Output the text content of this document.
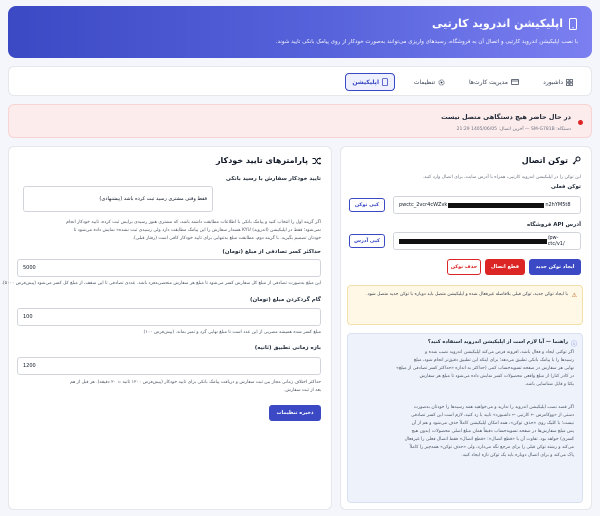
اپلیکیشن اندروید کارتیی
با نصب اپلیکیشن اندروید کارتیی و اتصال آن به فروشگاه، رسیدهای واریزی می‌توانند به‌صورت خودکار از روی پیامک بانکی تایید شوند.
داشبورد
مدیریت کارت‌ها
تنظیمات
اپلیکیشن
در حال حاضر هیچ دستگاهی متصل نیست
دستگاه: SM-G781B — آخرین اتصال: 1405/06/05 21:29
توکن اتصال
این توکن را در اپلیکیشن اندروید کارتیی، همراه با آدرس سایت، برای اتصال وارد کنید.
توکن فعلی
pwctc_2vcr4cWZvk	n2hYM5t8
کپی توکن
آدرس API فروشگاه
/pw-ctc/v1/
کپی آدرس
ایجاد توکن جدید
قطع اتصال
حذف توکن
⚠
با ایجاد توکن جدید، توکن قبلی بلافاصله غیرفعال شده و اپلیکیشن متصل باید دوباره با توکن جدید متصل شود.
ⓘ
راهنما — آیا لازم است از اپلیکیشن اندروید استفاده کنید؟
اگر توکنی ایجاد و فعال باشد، افزونه فرض می‌کند اپلیکیشن اندروید نصب شده و
رسیدها را با پیامک بانکی تطبیق می‌دهد؛ برای اینکه این تطبیق دقیق‌تر انجام شود، مبلغ
نهایی هر سفارش در صفحه تسویه‌حساب کمی (حداکثر به اندازه «حداکثر کسر تصادفی از مبلغ»
در کادر کنار) از مبلغ واقعی محصولات کسر نمایش داده می‌شود تا مبلغ هر سفارش
یکتا و قابل شناسایی باشد.
اگر قصد نصب اپلیکیشن اندروید را ندارید و می‌خواهید همه رسیدها را خودتان به‌صورت
دستی از «ووکامرس ← کارتیی ← داشبورد» تایید یا رد کنید، لازم است این کسر تصادفی
نیست؛ با کلیک روی «حذف توکن»، همه امکان اپلیکیشن کاملاً حذف می‌شود و هم از آن
پس مبلغ سفارش‌ها در صفحه تسویه‌حساب دقیقاً همان مبلغ اصلی محصولات (بدون هیچ
کسری) خواهد بود. تفاوت آن با «قطع اتصال»: «قطع اتصال» فقط اتصال فعلی را غیرفعال
می‌کند و رشته توکن قبلی را برای مرجع نگه می‌دارد، ولی «حذف توکن» همه‌چیز را کاملاً
پاک می‌کند و برای اتصال دوباره باید یک توکن تازه ایجاد کنید.
پارامترهای تایید خودکار
تایید خودکار سفارش با رسید بانکی
فقط وقتی مشتری رسید ثبت کرده باشد (پیشنهادی)
اگر گزینه اول را انتخاب کنید و پیامک بانکی با اطلاعات مطابقت داشته باشد، که مشتری هنوز رسیدی برایش ثبت کرده، تایید خودکار انجام
نمی‌شود؛ فقط در اپلیکیشن (اندروید) KYU هشدار سفارش را این پیامک مطابقت دارد ولی رسیدی ثبت نشده» نمایش داده می‌شود تا
خودتان تصمیم بگیرید. با گزینه دوم، مطابقت مبلغ به‌تنهایی برای تایید خودکار کافی است (رفتار قبلی).
حداکثر کسر تصادفی از مبلغ (تومان)
5000
این مبلغ به‌صورت تصادفی از مبلغ کل سفارش کسر می‌شود تا مبلغ هر سفارش منحصربه‌فرد باشد. عددی تصادفی تا این سقف، از مبلغ کل کسر می‌شود (پیش‌فرض ۵۰۰۰).
گام گردکردن مبلغ (تومان)
100
مبلغ کسر شده همیشه مضربی از این عدد است تا مبلغ نهایی گرد و تمیز بماند. (پیش‌فرض ۱۰۰)
بازه زمانی تطبیق (ثانیه)
1200
حداکثر اختلاف زمانی مجاز بین ثبت سفارش و دریافت پیامک بانکی برای تایید خودکار (پیش‌فرض ۱۲۰۰ ثانیه = ۲۰ دقیقه). هر قبل از هم
بعد از ثبت سفارش.
ذخیره تنظیمات
